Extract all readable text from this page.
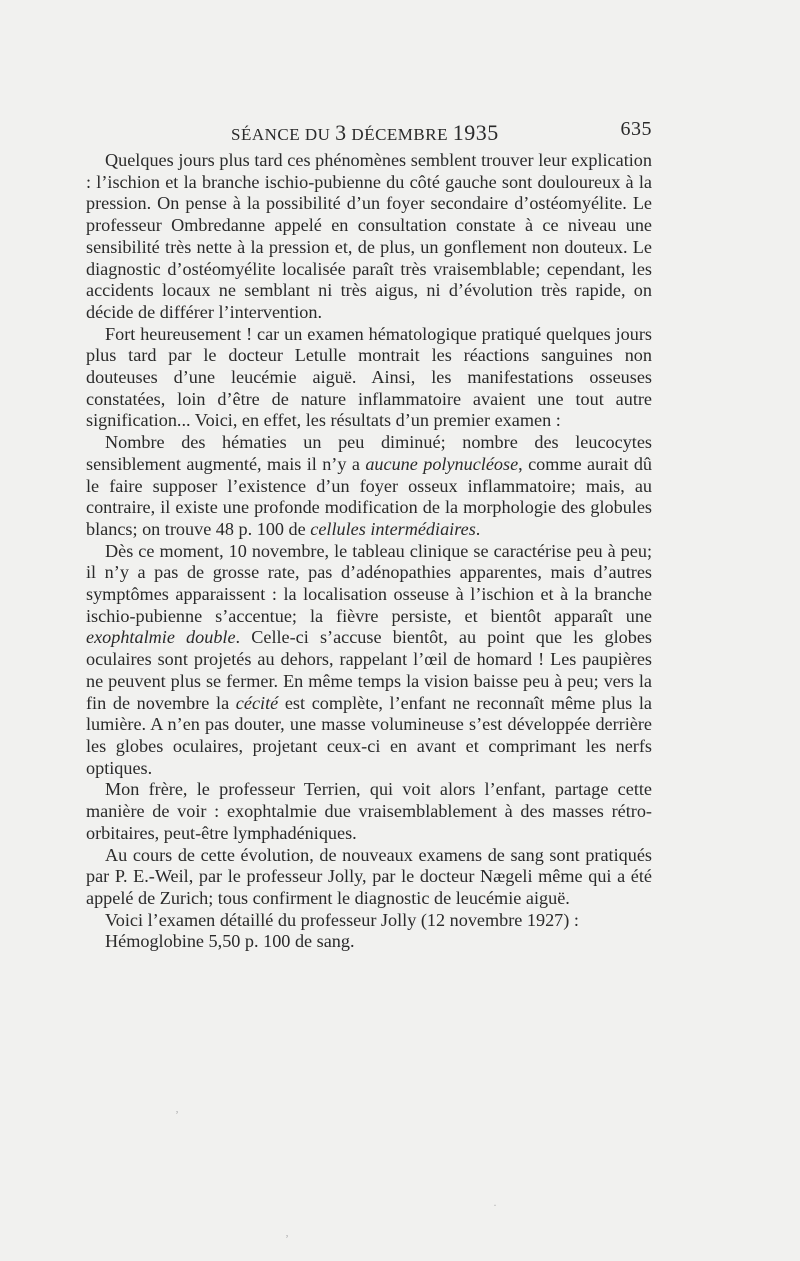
SÉANCE DU 3 DÉCEMBRE 1935	635

Quelques jours plus tard ces phénomènes semblent trouver leur explication : l’ischion et la branche ischio-pubienne du côté gauche sont douloureux à la pression. On pense à la possibilité d’un foyer secondaire d’ostéomyélite. Le professeur Ombredanne appelé en consultation constate à ce niveau une sensibilité très nette à la pression et, de plus, un gonflement non douteux. Le diagnostic d’ostéomyélite localisée paraît très vraisemblable; cependant, les accidents locaux ne semblant ni très aigus, ni d’évolution très rapide, on décide de différer l’intervention.

Fort heureusement ! car un examen hématologique pratiqué quelques jours plus tard par le docteur Letulle montrait les réactions sanguines non douteuses d’une leucémie aiguë. Ainsi, les manifestations osseuses constatées, loin d’être de nature inflammatoire avaient une tout autre signification... Voici, en effet, les résultats d’un premier examen :

Nombre des hématies un peu diminué; nombre des leucocytes sensiblement augmenté, mais il n’y a aucune polynucléose, comme aurait dû le faire supposer l’existence d’un foyer osseux inflammatoire; mais, au contraire, il existe une profonde modification de la morphologie des globules blancs; on trouve 48 p. 100 de cellules intermédiaires.

Dès ce moment, 10 novembre, le tableau clinique se caractérise peu à peu; il n’y a pas de grosse rate, pas d’adénopathies apparentes, mais d’autres symptômes apparaissent : la localisation osseuse à l’ischion et à la branche ischio-pubienne s’accentue; la fièvre persiste, et bientôt apparaît une exophtalmie double. Celle-ci s’accuse bientôt, au point que les globes oculaires sont projetés au dehors, rappelant l’œil de homard ! Les paupières ne peuvent plus se fermer. En même temps la vision baisse peu à peu; vers la fin de novembre la cécité est complète, l’enfant ne reconnaît même plus la lumière. A n’en pas douter, une masse volumineuse s’est développée derrière les globes oculaires, projetant ceux-ci en avant et comprimant les nerfs optiques.

Mon frère, le professeur Terrien, qui voit alors l’enfant, partage cette manière de voir : exophtalmie due vraisemblablement à des masses rétro-orbitaires, peut-être lymphadéniques.

Au cours de cette évolution, de nouveaux examens de sang sont pratiqués par P. E.-Weil, par le professeur Jolly, par le docteur Nægeli même qui a été appelé de Zurich; tous confirment le diagnostic de leucémie aiguë.

Voici l’examen détaillé du professeur Jolly (12 novembre 1927) :

Hémoglobine 5,50 p. 100 de sang.

ʼ
·
ʼ
